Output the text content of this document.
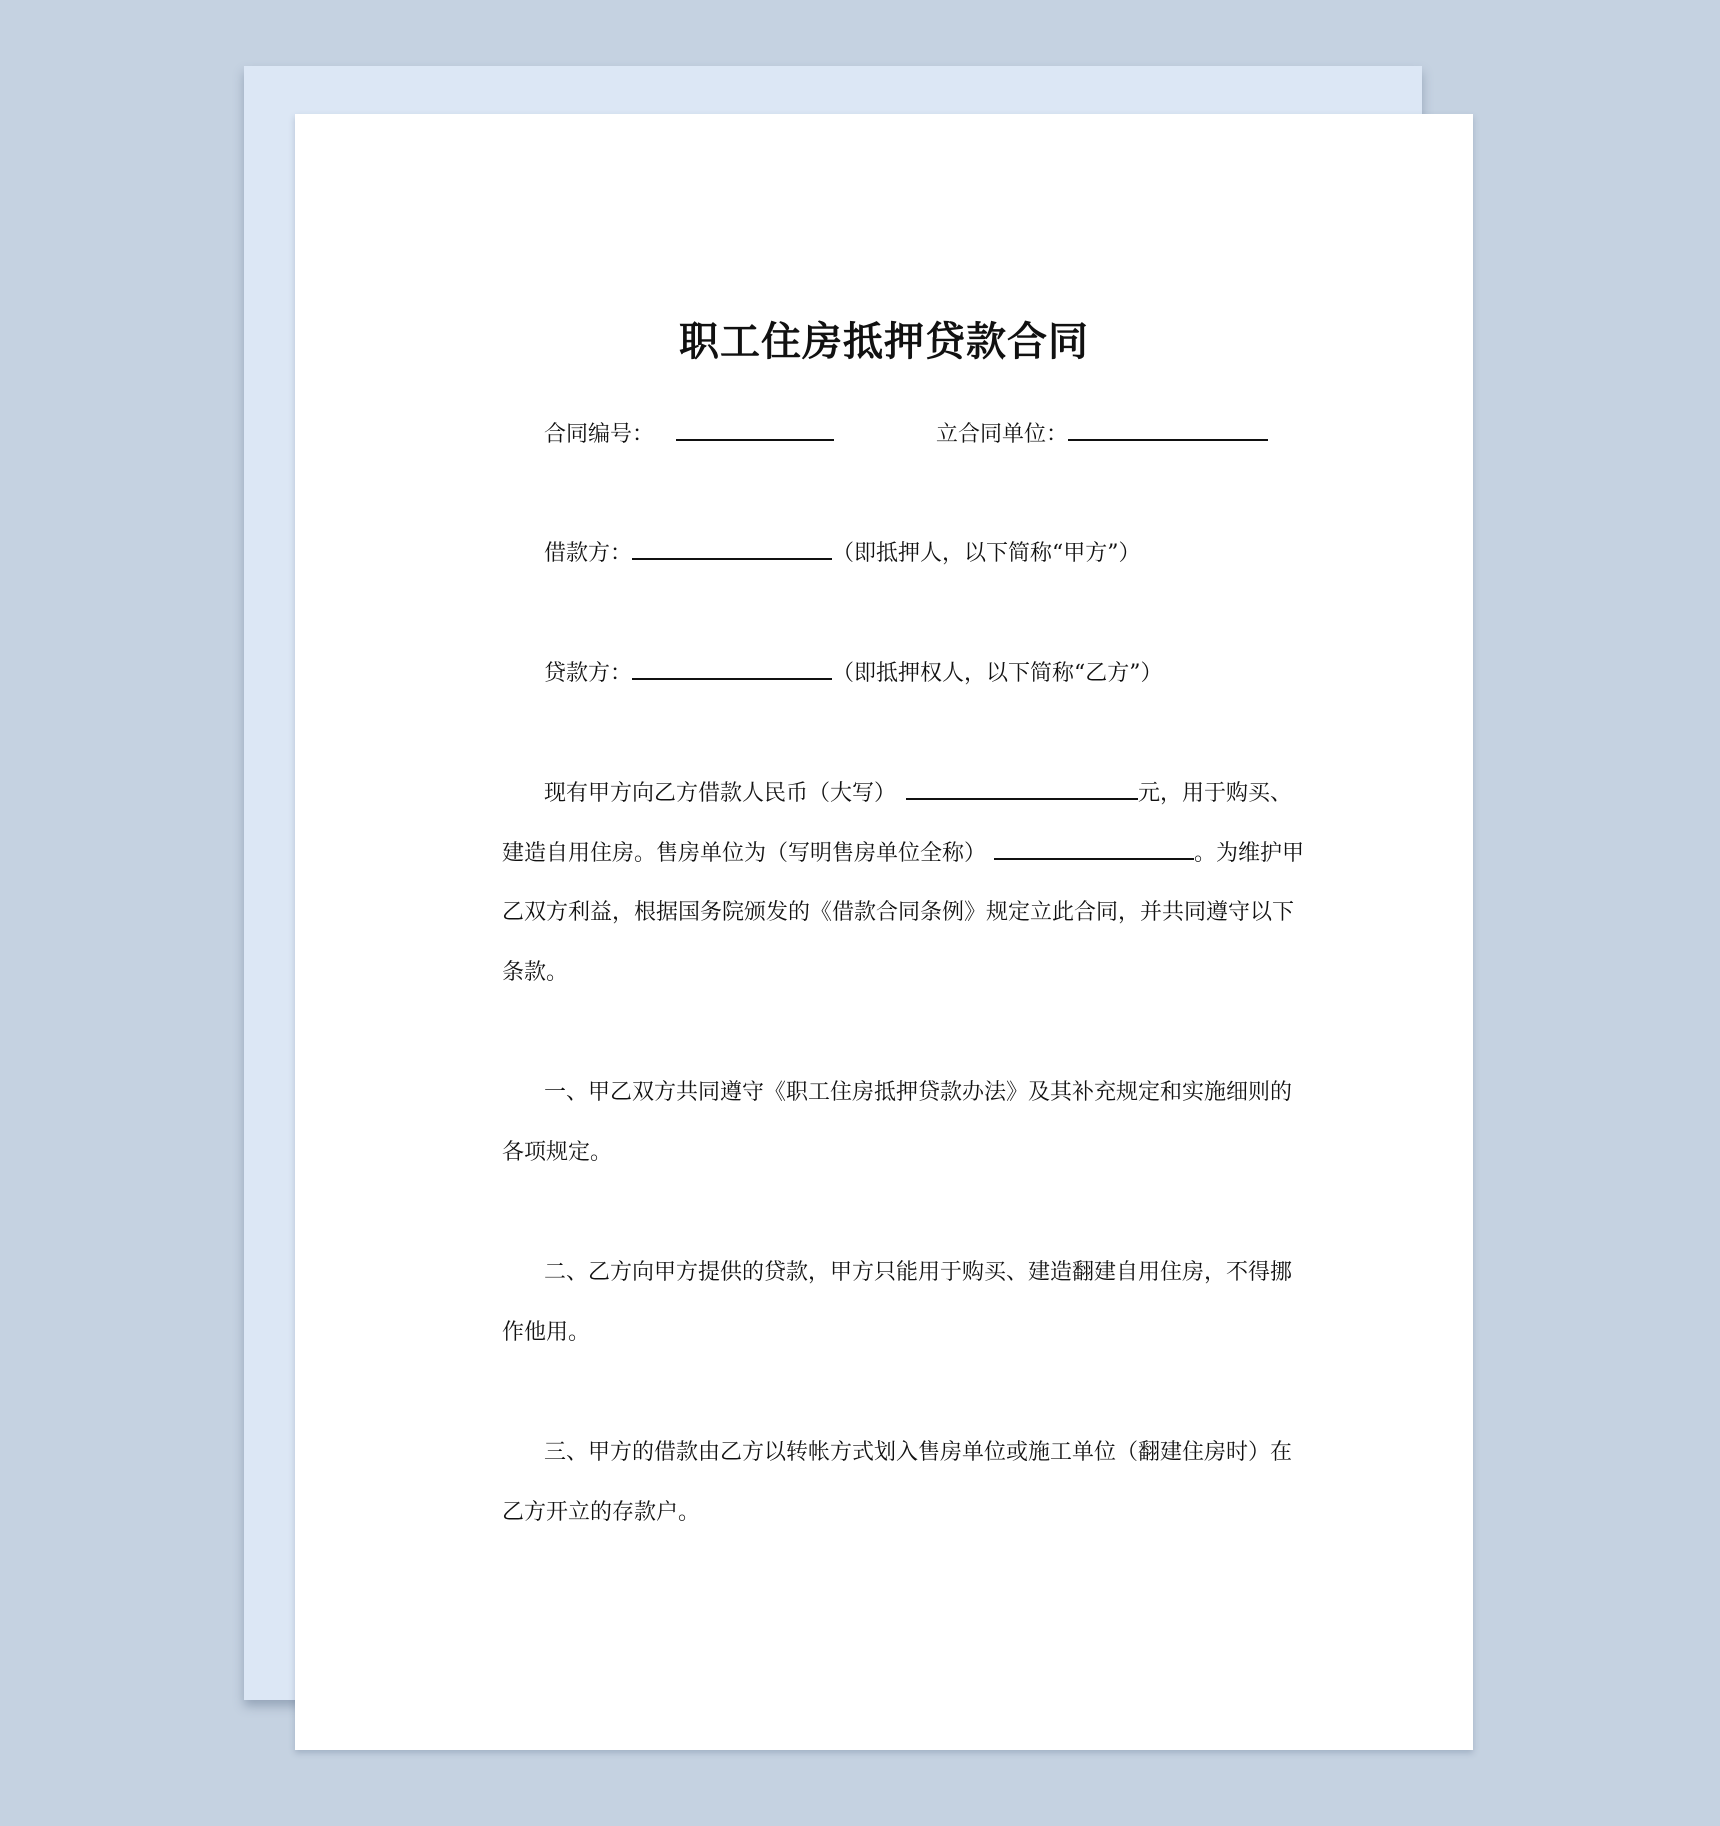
职工住房抵押贷款合同
合同编号：	立合同单位：
借款方：	（即抵押人，以下简称“甲方”）
贷款方：	（即抵押权人，以下简称“乙方”）
现有甲方向乙方借款人民币（大写）	元，用于购买、
建造自用住房。售房单位为（写明售房单位全称）	。为维护甲
乙双方利益，根据国务院颁发的《借款合同条例》规定立此合同，并共同遵守以下
条款。
一、甲乙双方共同遵守《职工住房抵押贷款办法》及其补充规定和实施细则的
各项规定。
二、乙方向甲方提供的贷款，甲方只能用于购买、建造翻建自用住房，不得挪
作他用。
三、甲方的借款由乙方以转帐方式划入售房单位或施工单位（翻建住房时）在
乙方开立的存款户。
